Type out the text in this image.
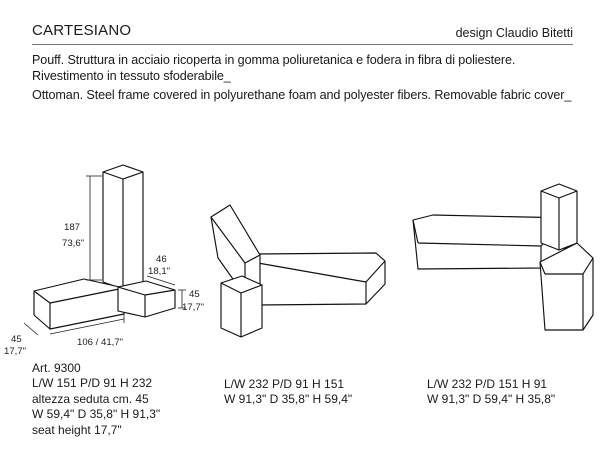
CARTESIANO	design Claudio Bitetti
Pouff. Struttura in acciaio ricoperta in gomma poliuretanica e fodera in fibra di poliestere.
Rivestimento in tessuto sfoderabile_
Ottoman. Steel frame covered in polyurethane foam and polyester fibers. Removable fabric cover_
187
73,6"
46
18,1"
45
17,7"
106 / 41,7"
45
17,7"
Art. 9300
L/W 151 P/D 91 H 232
altezza seduta cm. 45
W 59,4" D 35,8" H 91,3"
seat height 17,7"
L/W 232 P/D 91 H 151
W 91,3" D 35,8" H 59,4"
L/W 232 P/D 151 H 91
W 91,3" D 59,4" H 35,8"
